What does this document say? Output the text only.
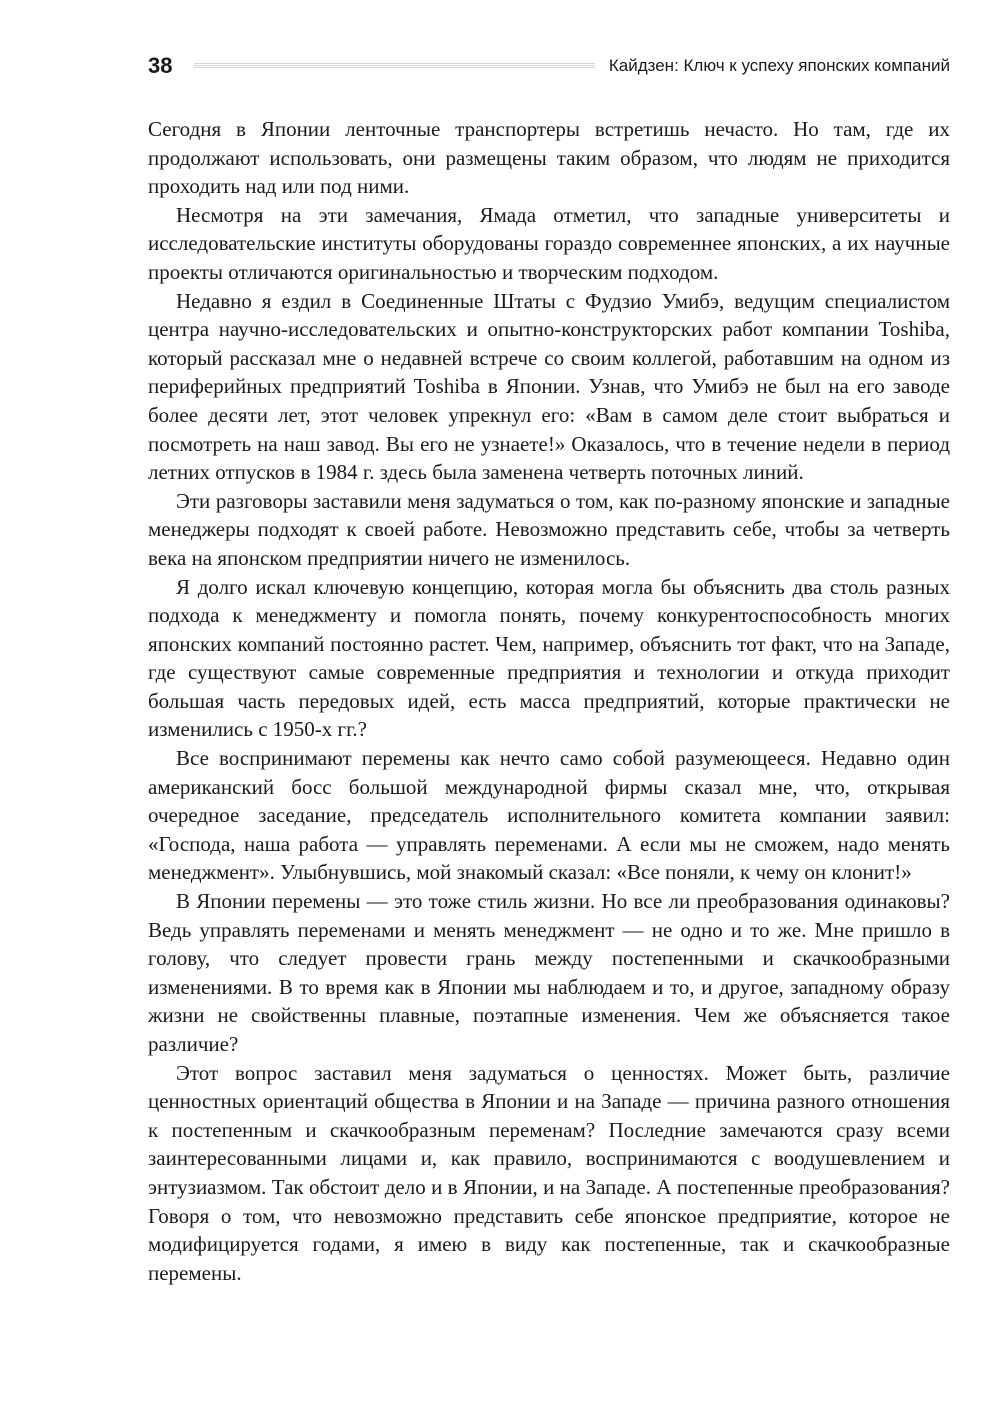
38	Кайдзен: Ключ к успеху японских компаний

Сегодня в Японии ленточные транспортеры встретишь нечасто. Но там, где их продолжают использовать, они размещены таким образом, что людям не приходится проходить над или под ними.

Несмотря на эти замечания, Ямада отметил, что западные университеты и исследовательские институты оборудованы гораздо современнее японских, а их научные проекты отличаются оригинальностью и творческим подходом.

Недавно я ездил в Соединенные Штаты с Фудзио Умибэ, ведущим специалистом центра научно-исследовательских и опытно-конструкторских работ компании Toshiba, который рассказал мне о недавней встрече со своим коллегой, работавшим на одном из периферийных предприятий Toshiba в Японии. Узнав, что Умибэ не был на его заводе более десяти лет, этот человек упрекнул его: «Вам в самом деле стоит выбраться и посмотреть на наш завод. Вы его не узнаете!» Оказалось, что в течение недели в период летних отпусков в 1984 г. здесь была заменена четверть поточных линий.

Эти разговоры заставили меня задуматься о том, как по-разному японские и западные менеджеры подходят к своей работе. Невозможно представить себе, чтобы за четверть века на японском предприятии ничего не изменилось.

Я долго искал ключевую концепцию, которая могла бы объяснить два столь разных подхода к менеджменту и помогла понять, почему конкурентоспособность многих японских компаний постоянно растет. Чем, например, объяснить тот факт, что на Западе, где существуют самые современные предприятия и технологии и откуда приходит большая часть передовых идей, есть масса предприятий, которые практически не изменились с 1950-х гг.?

Все воспринимают перемены как нечто само собой разумеющееся. Недавно один американский босс большой международной фирмы сказал мне, что, открывая очередное заседание, председатель исполнительного комитета компании заявил: «Господа, наша работа — управлять переменами. А если мы не сможем, надо менять менеджмент». Улыбнувшись, мой знакомый сказал: «Все поняли, к чему он клонит!»

В Японии перемены — это тоже стиль жизни. Но все ли преобразования одинаковы? Ведь управлять переменами и менять менеджмент — не одно и то же. Мне пришло в голову, что следует провести грань между постепенными и скачкообразными изменениями. В то время как в Японии мы наблюдаем и то, и другое, западному образу жизни не свойственны плавные, поэтапные изменения. Чем же объясняется такое различие?

Этот вопрос заставил меня задуматься о ценностях. Может быть, различие ценностных ориентаций общества в Японии и на Западе — причина разного отношения к постепенным и скачкообразным переменам? Последние замечаются сразу всеми заинтересованными лицами и, как правило, воспринимаются с воодушевлением и энтузиазмом. Так обстоит дело и в Японии, и на Западе. А постепенные преобразования? Говоря о том, что невозможно представить себе японское предприятие, которое не модифицируется годами, я имею в виду как постепенные, так и скачкообразные перемены.
